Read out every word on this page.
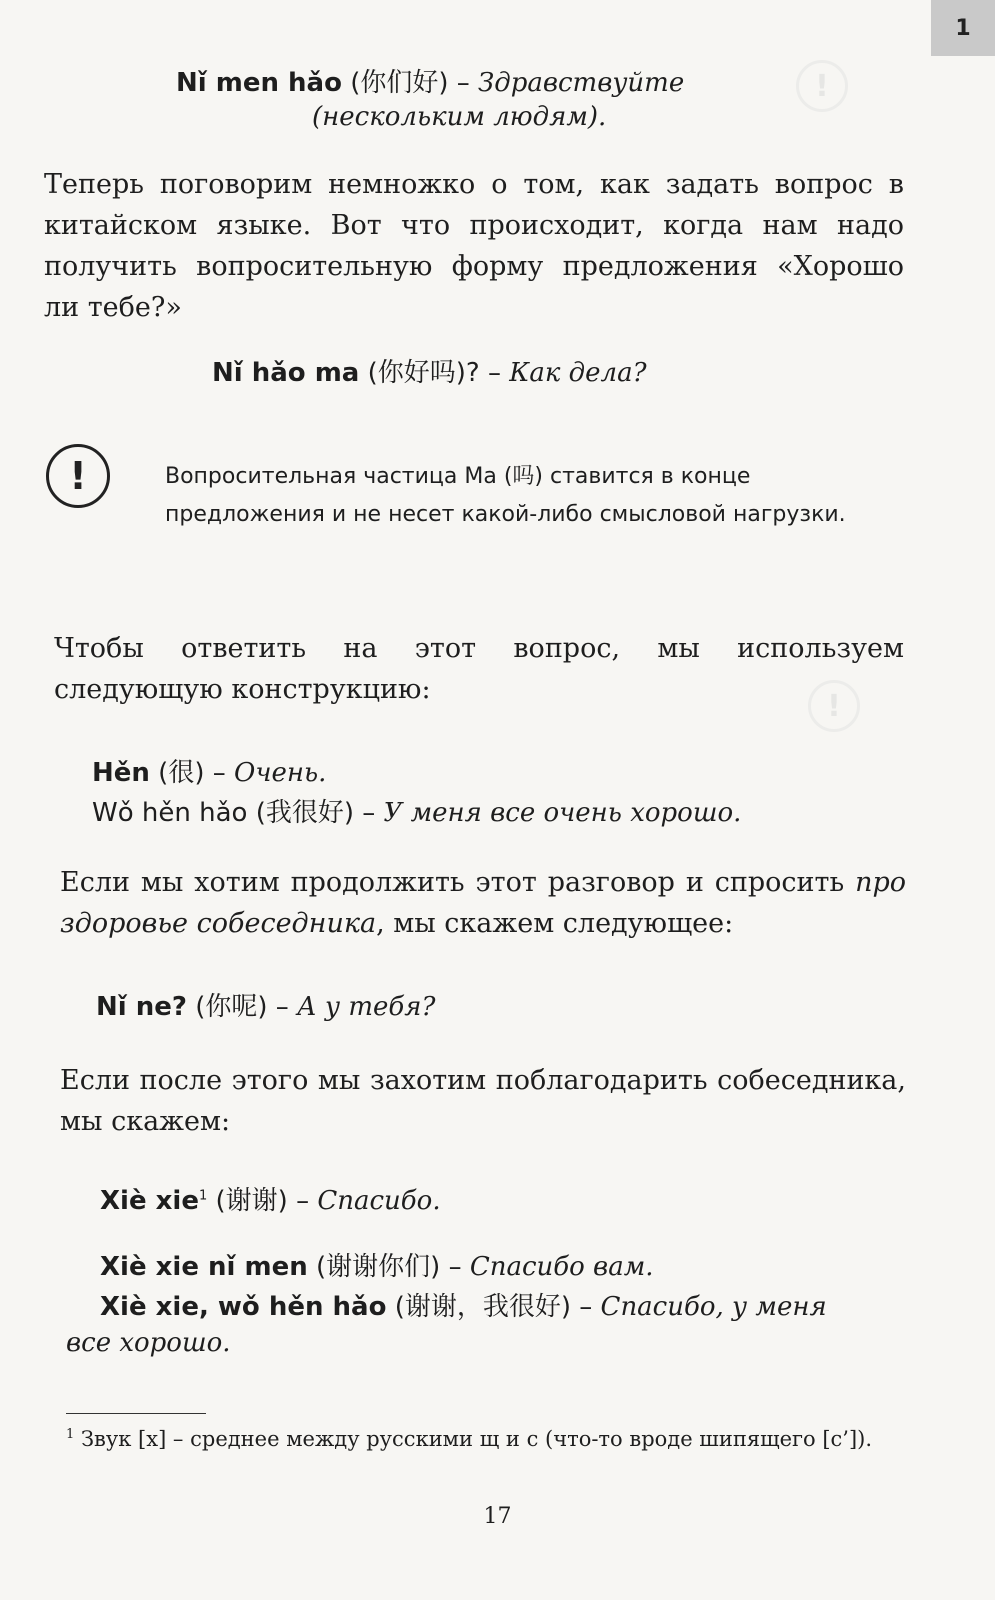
1
!
!

Nǐ men hǎo (你们好) – Здравствуйте

(нескольким людям).

Теперь поговорим немножко о том, как задать вопрос в китайском языке. Вот что происходит, когда нам надо получить вопросительную форму предложения «Хорошо ли тебе?»

Nǐ hǎo ma (你好吗)? – Как дела?

!	Вопросительная частица Ma (吗) ставится в конце предложения и не несет какой-либо смысловой нагрузки.

Чтобы ответить на этот вопрос, мы используем следующую конструкцию:

Hěn (很) – Очень.

Wǒ hěn hǎo (我很好) – У меня все очень хорошо.

Если мы хотим продолжить этот разговор и спросить про здоровье собеседника, мы скажем следующее:

Nǐ ne? (你呢) – А у тебя?

Если после этого мы захотим поблагодарить собеседника, мы скажем:

Xiè xie$^1$ (谢谢) – Спасибо.

Xiè xie nǐ men (谢谢你们) – Спасибо вам.

Xiè xie, wǒ hěn hǎo (谢谢，我很好) – Спасибо, у меня

все хорошо.

$^1$ Звук [x] – среднее между русскими щ и с (что-то вроде шипящего [с’]).

17
